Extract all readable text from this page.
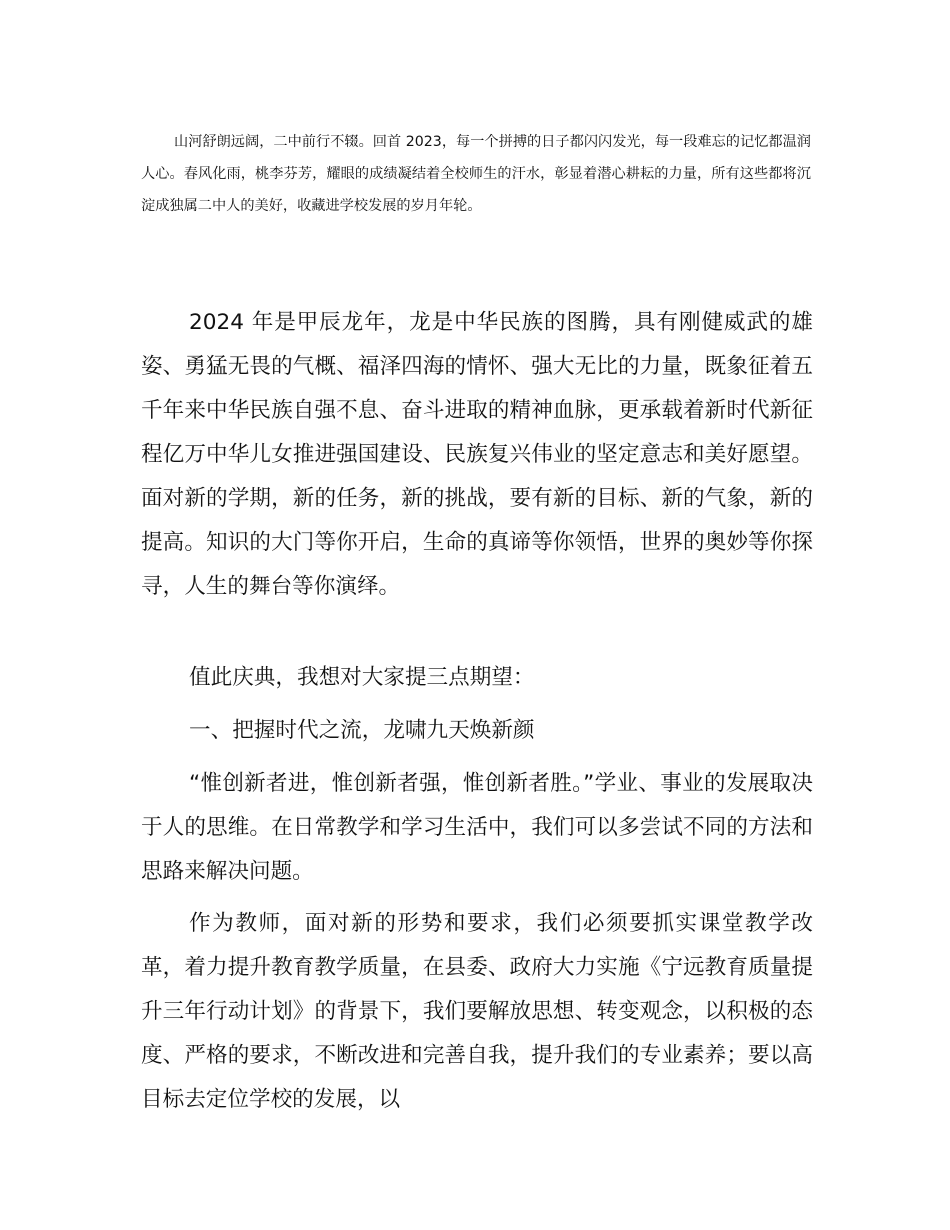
山河舒朗远阔，二中前行不辍。回首 2023，每一个拼搏的日子都闪闪发光，每一段难忘的记忆都温润人心。春风化雨，桃李芬芳，耀眼的成绩凝结着全校师生的汗水，彰显着潜心耕耘的力量，所有这些都将沉淀成独属二中人的美好，收藏进学校发展的岁月年轮。

2024 年是甲辰龙年，龙是中华民族的图腾，具有刚健威武的雄姿、勇猛无畏的气概、福泽四海的情怀、强大无比的力量，既象征着五千年来中华民族自强不息、奋斗进取的精神血脉，更承载着新时代新征程亿万中华儿女推进强国建设、民族复兴伟业的坚定意志和美好愿望。面对新的学期，新的任务，新的挑战，要有新的目标、新的气象，新的提高。知识的大门等你开启，生命的真谛等你领悟，世界的奥妙等你探寻，人生的舞台等你演绎。

值此庆典，我想对大家提三点期望：

一、把握时代之流，龙啸九天焕新颜

“惟创新者进，惟创新者强，惟创新者胜。”学业、事业的发展取决于人的思维。在日常教学和学习生活中，我们可以多尝试不同的方法和思路来解决问题。

作为教师，面对新的形势和要求，我们必须要抓实课堂教学改革，着力提升教育教学质量，在县委、政府大力实施《宁远教育质量提升三年行动计划》的背景下，我们要解放思想、转变观念，以积极的态度、严格的要求，不断改进和完善自我，提升我们的专业素养；要以高目标去定位学校的发展，以
